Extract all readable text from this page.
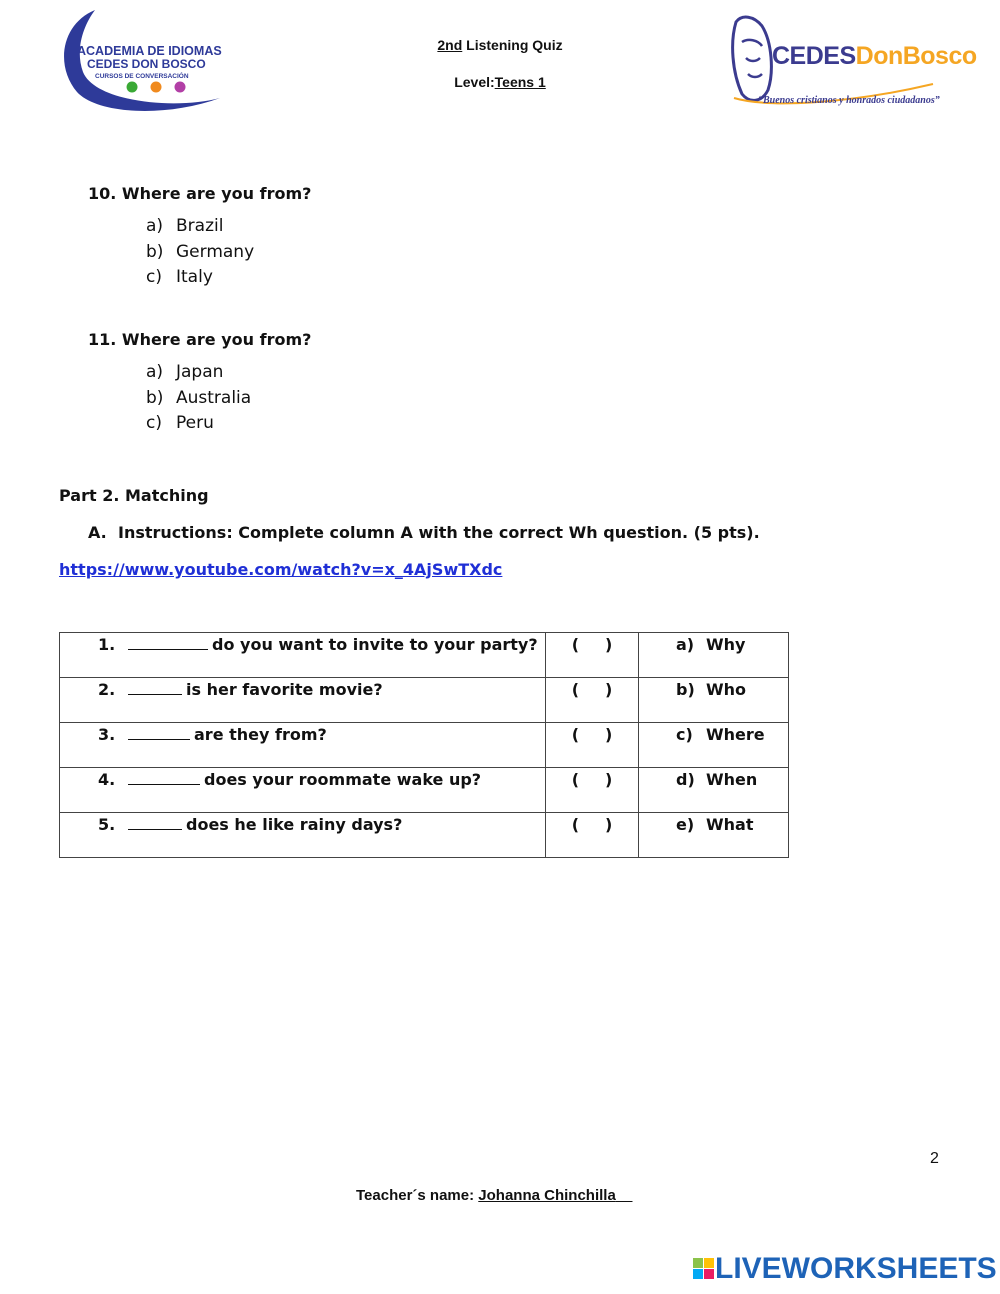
ACADEMIA DE IDIOMAS
CEDES DON BOSCO
CURSOS DE CONVERSACIÓN
2nd Listening Quiz
Level:Teens 1
CEDESDonBosco
“Buenos cristianos y honrados ciudadanos”
10. Where are you from?
a) Brazil
b) Germany
c) Italy
11. Where are you from?
a) Japan
b) Australia
c) Peru
Part 2. Matching
A. Instructions: Complete column A with the correct Wh question. (5 pts).
https://www.youtube.com/watch?v=x_4AjSwTXdc
1. do you want to invite to your party?	( )	a) Why

2. is her favorite movie?	( )	b) Who

3. are they from?	( )	c) Where

4. does your roommate wake up?	( )	d) When

5. does he like rainy days?	( )	e) What
2
Teacher´s name: Johanna Chinchilla
LIVEWORKSHEETS
